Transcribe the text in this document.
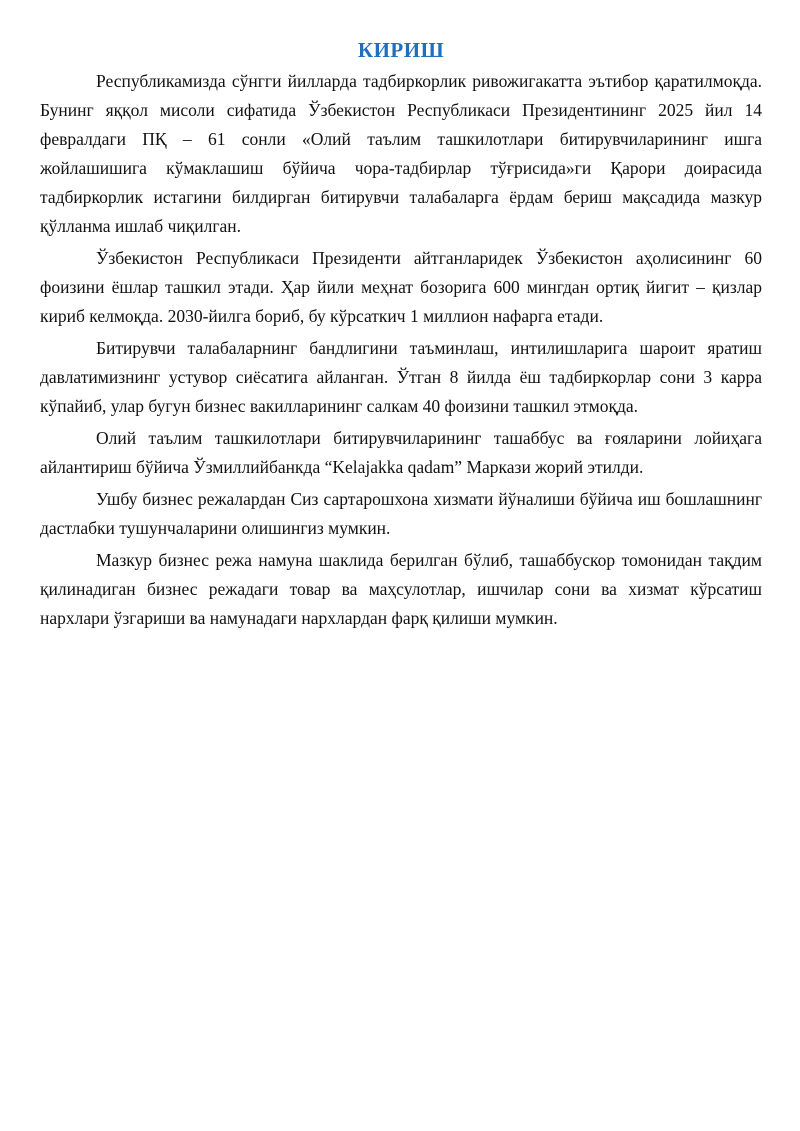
КИРИШ

Республикамизда сўнгги йилларда тадбиркорлик ривожигакатта эътибор қаратилмоқда. Бунинг яққол мисоли сифатида Ўзбекистон Республикаси Президентининг 2025 йил 14 февралдаги ПҚ – 61 сонли «Олий таълим ташкилотлари битирувчиларининг ишга жойлашишига кўмаклашиш бўйича чора-тадбирлар тўғрисида»ги Қарори доирасида тадбиркорлик истагини билдирган битирувчи талабаларга ёрдам бериш мақсадида мазкур қўлланма ишлаб чиқилган.

Ўзбекистон Республикаси Президенти айтганларидек Ўзбекистон аҳолисининг 60 фоизини ёшлар ташкил этади. Ҳар йили меҳнат бозорига 600 мингдан ортиқ йигит – қизлар кириб келмоқда. 2030-йилга бориб, бу кўрсаткич 1 миллион нафарга етади.

Битирувчи талабаларнинг бандлигини таъминлаш, интилишларига шароит яратиш давлатимизнинг устувор сиёсатига айланган. Ўтган 8 йилда ёш тадбиркорлар сони 3 карра кўпайиб, улар бугун бизнес вакилларининг салкам 40 фоизини ташкил этмоқда.

Олий таълим ташкилотлари битирувчиларининг ташаббус ва ғояларини лойиҳага айлантириш бўйича Ўзмиллийбанкда “Kelajakka qadam” Маркази жорий этилди.

Ушбу бизнес режалардан Сиз сартарошхона хизмати йўналиши бўйича иш бошлашнинг дастлабки тушунчаларини олишингиз мумкин.

Мазкур бизнес режа намуна шаклида берилган бўлиб, ташаббускор томонидан тақдим қилинадиган бизнес режадаги товар ва маҳсулотлар, ишчилар сони ва хизмат кўрсатиш нархлари ўзгариши ва намунадаги нархлардан фарқ қилиши мумкин.
